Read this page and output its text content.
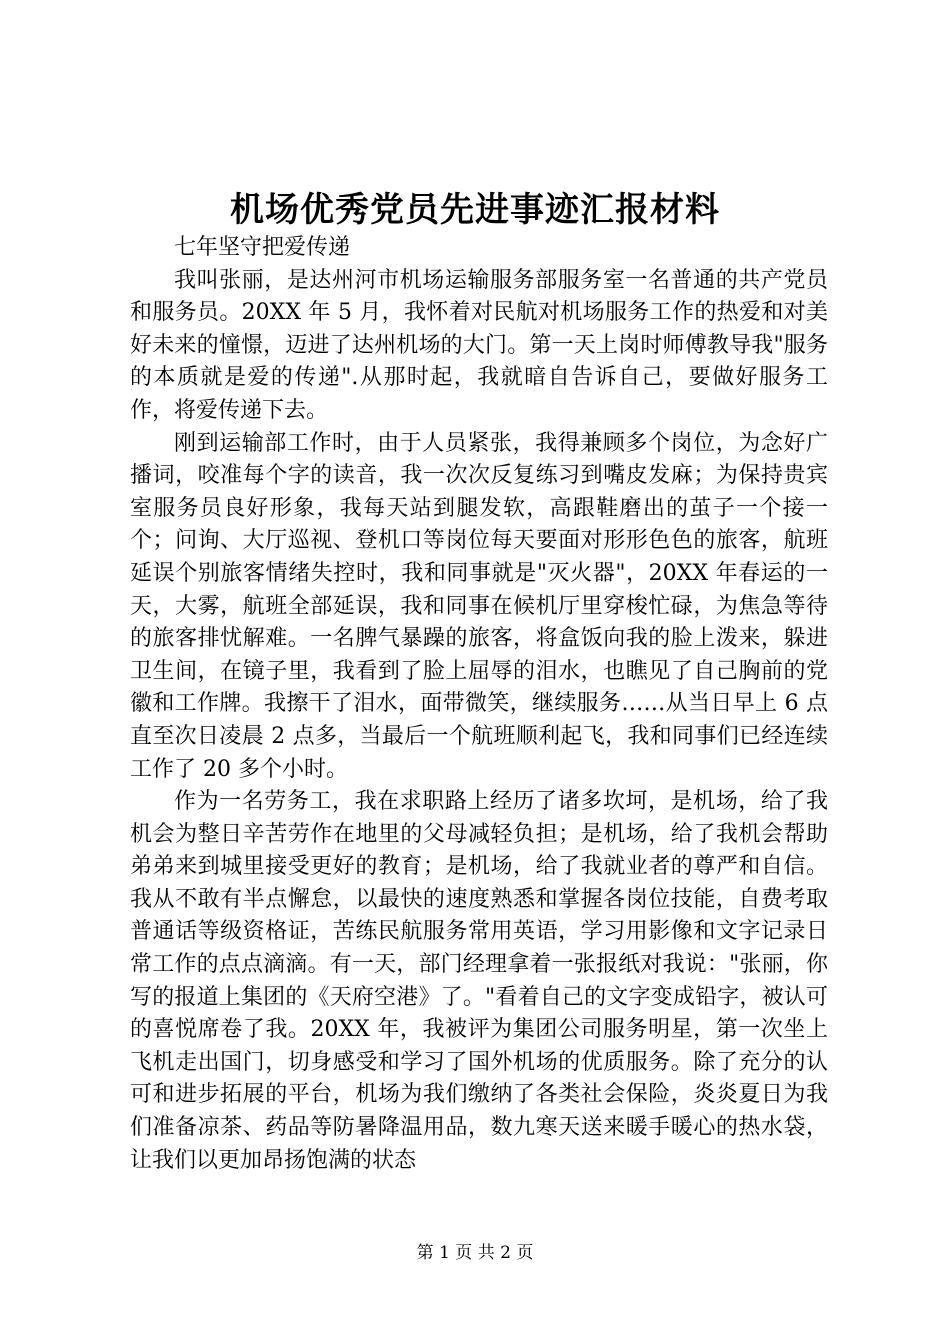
机场优秀党员先进事迹汇报材料

七年坚守把爱传递

我叫张丽，是达州河市机场运输服务部服务室一名普通的共产党员和服务员。20XX 年 5 月，我怀着对民航对机场服务工作的热爱和对美好未来的憧憬，迈进了达州机场的大门。第一天上岗时师傅教导我"服务的本质就是爱的传递".从那时起，我就暗自告诉自己，要做好服务工作，将爱传递下去。

刚到运输部工作时，由于人员紧张，我得兼顾多个岗位，为念好广播词，咬准每个字的读音，我一次次反复练习到嘴皮发麻；为保持贵宾室服务员良好形象，我每天站到腿发软，高跟鞋磨出的茧子一个接一个；问询、大厅巡视、登机口等岗位每天要面对形形色色的旅客，航班延误个别旅客情绪失控时，我和同事就是"灭火器"，20XX 年春运的一天，大雾，航班全部延误，我和同事在候机厅里穿梭忙碌，为焦急等待的旅客排忧解难。一名脾气暴躁的旅客，将盒饭向我的脸上泼来，躲进卫生间，在镜子里，我看到了脸上屈辱的泪水，也瞧见了自己胸前的党徽和工作牌。我擦干了泪水，面带微笑，继续服务……从当日早上 6 点直至次日凌晨 2 点多，当最后一个航班顺利起飞，我和同事们已经连续工作了 20 多个小时。

作为一名劳务工，我在求职路上经历了诸多坎坷，是机场，给了我机会为整日辛苦劳作在地里的父母减轻负担；是机场，给了我机会帮助弟弟来到城里接受更好的教育；是机场，给了我就业者的尊严和自信。我从不敢有半点懈怠，以最快的速度熟悉和掌握各岗位技能，自费考取普通话等级资格证，苦练民航服务常用英语，学习用影像和文字记录日常工作的点点滴滴。有一天，部门经理拿着一张报纸对我说："张丽，你写的报道上集团的《天府空港》了。"看着自己的文字变成铅字，被认可的喜悦席卷了我。20XX 年，我被评为集团公司服务明星，第一次坐上飞机走出国门，切身感受和学习了国外机场的优质服务。除了充分的认可和进步拓展的平台，机场为我们缴纳了各类社会保险，炎炎夏日为我们准备凉茶、药品等防暑降温用品，数九寒天送来暖手暖心的热水袋，让我们以更加昂扬饱满的状态

第 1 页 共 2 页
